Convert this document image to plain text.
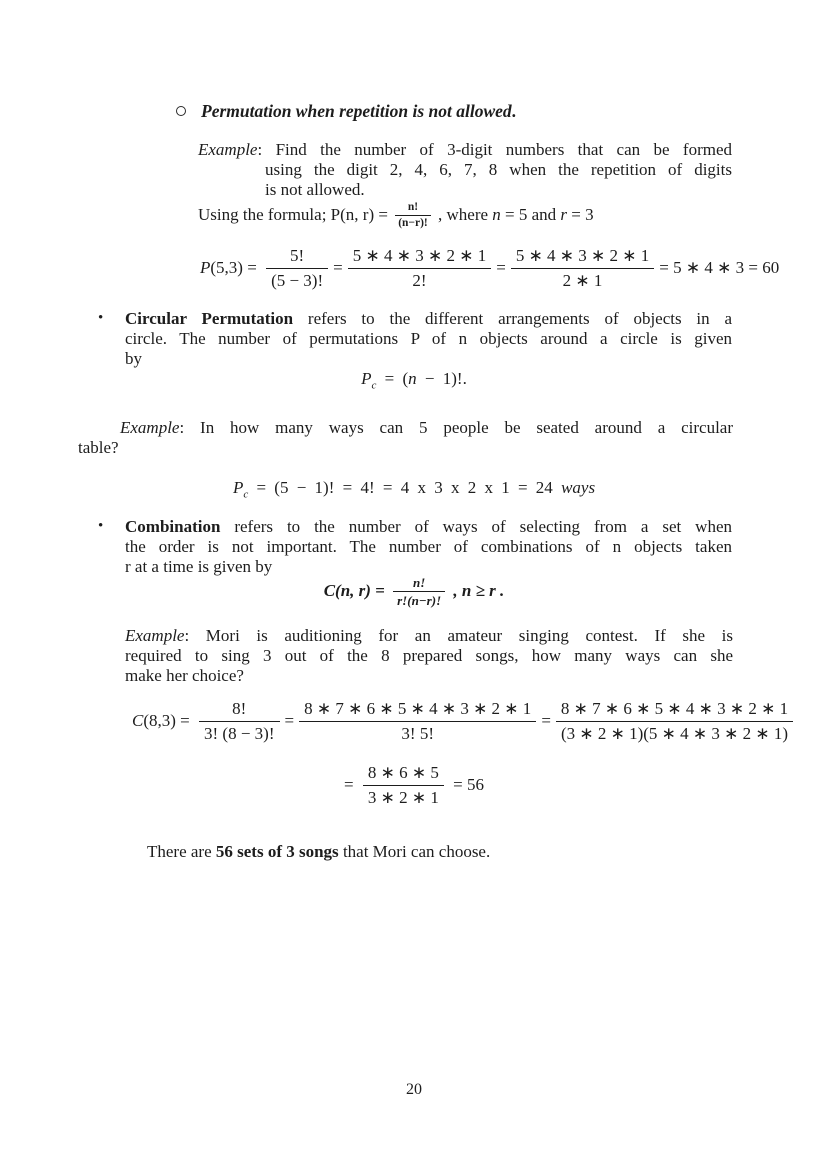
Permutation when repetition is not allowed.
Example: Find the number of 3-digit numbers that can be formed
using the digit 2, 4, 6, 7, 8 when the repetition of digits
is not allowed.
Using the formula; P(n, $r) = \frac{n!}{(n-r)!}$ , where n = 5 and r = 3
P $(5,3) = \frac{5!}{(5 - 3)!} = \frac{5 ∗ 4 ∗ 3 ∗ 2 ∗ 1}{2!} = \frac{5 ∗ 4 ∗ 3 ∗ 2 ∗ 1}{2 ∗ 1} = 5$ ∗ 4 ∗ 3 = 60
• Circular Permutation refers to the different arrangements of objects in a
circle. The number of permutations P of n objects around a circle is given
by
$P_c = (n - 1)$!.
Example: In how many ways can 5 people be seated around a circular
table?
$P_c = (5 - 1)$! = 4! = 4 x 3 x 2 x 1 = 24 ways
• Combination refers to the number of ways of selecting from a set when
the order is not important. The number of combinations of n objects taken
r at a time is given by
C(n, $r) = \frac{n!}{r!(n-r)!}$ , n ≥ r .
Example: Mori is auditioning for an amateur singing contest. If she is
required to sing 3 out of the 8 prepared songs, how many ways can she
make her choice?
C $(8,3) = \frac{8!}{3! (8 - 3)!} = \frac{8 ∗ 7 ∗ 6 ∗ 5 ∗ 4 ∗ 3 ∗ 2 ∗ 1}{3! 5!} = \frac{8 ∗ 7 ∗ 6 ∗ 5 ∗ 4 ∗ 3 ∗ 2 ∗ 1}{(3 ∗ 2 ∗ 1)(5 ∗ 4 ∗ 3 ∗ 2 ∗ 1)}$
= $\frac{8 ∗ 6 ∗ 5}{3 ∗ 2 ∗ 1} = 56$
There are 56 sets of 3 songs that Mori can choose.
20
